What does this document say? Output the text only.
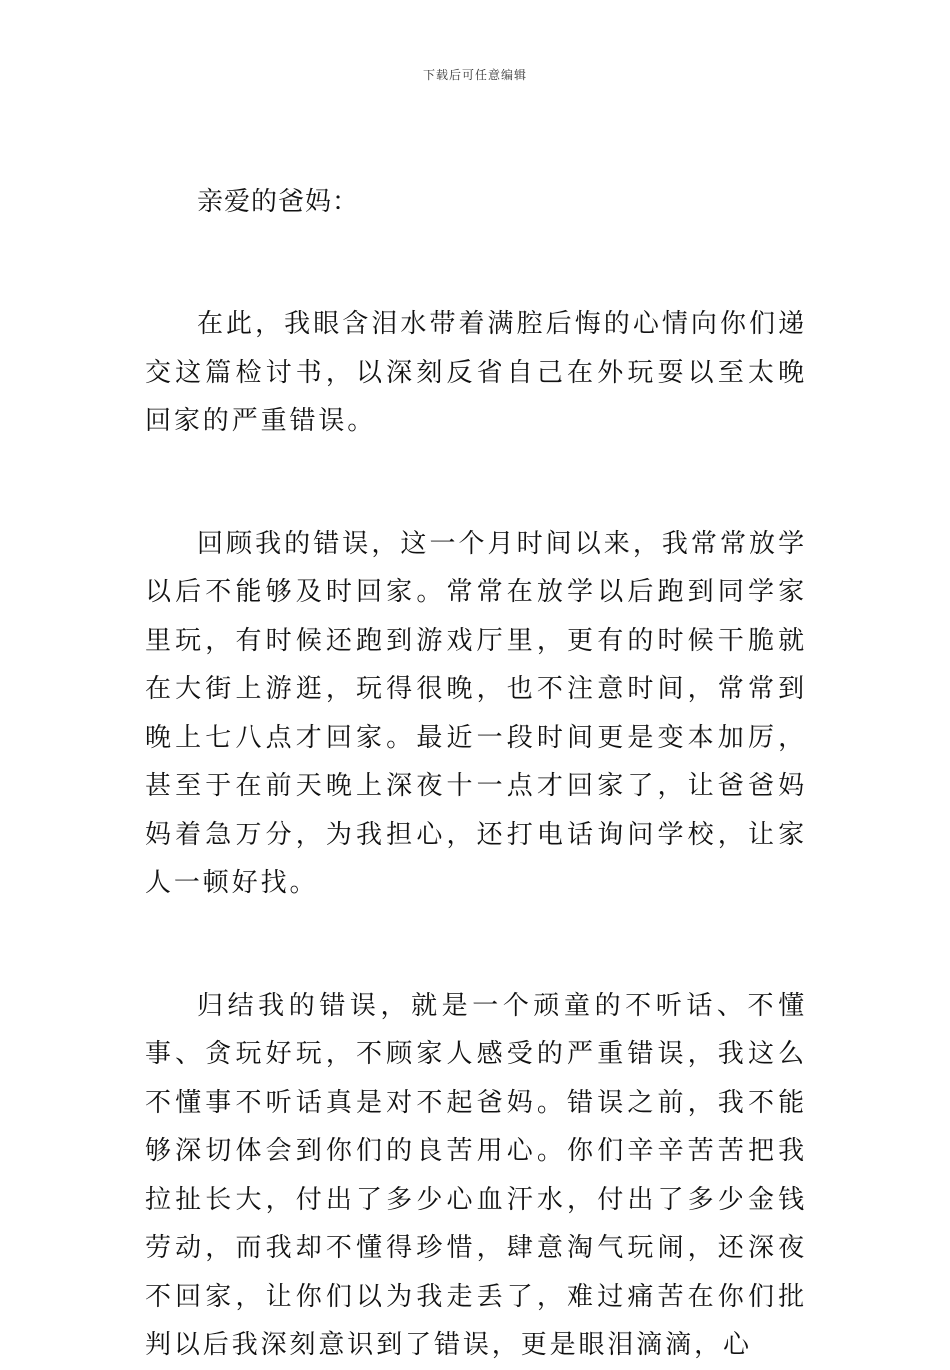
下载后可任意编辑

亲爱的爸妈：

在此，我眼含泪水带着满腔后悔的心情向你们递交这篇检讨书，以深刻反省自己在外玩耍以至太晚回家的严重错误。

回顾我的错误，这一个月时间以来，我常常放学以后不能够及时回家。常常在放学以后跑到同学家里玩，有时候还跑到游戏厅里，更有的时候干脆就在大街上游逛，玩得很晚，也不注意时间，常常到晚上七八点才回家。最近一段时间更是变本加厉，甚至于在前天晚上深夜十一点才回家了，让爸爸妈妈着急万分，为我担心，还打电话询问学校，让家人一顿好找。

归结我的错误，就是一个顽童的不听话、不懂事、贪玩好玩，不顾家人感受的严重错误，我这么不懂事不听话真是对不起爸妈。错误之前，我不能够深切体会到你们的良苦用心。你们辛辛苦苦把我拉扯长大，付出了多少心血汗水，付出了多少金钱劳动，而我却不懂得珍惜，肆意淘气玩闹，还深夜不回家，让你们以为我走丢了，难过痛苦在你们批判以后我深刻意识到了错误，更是眼泪滴滴，心
